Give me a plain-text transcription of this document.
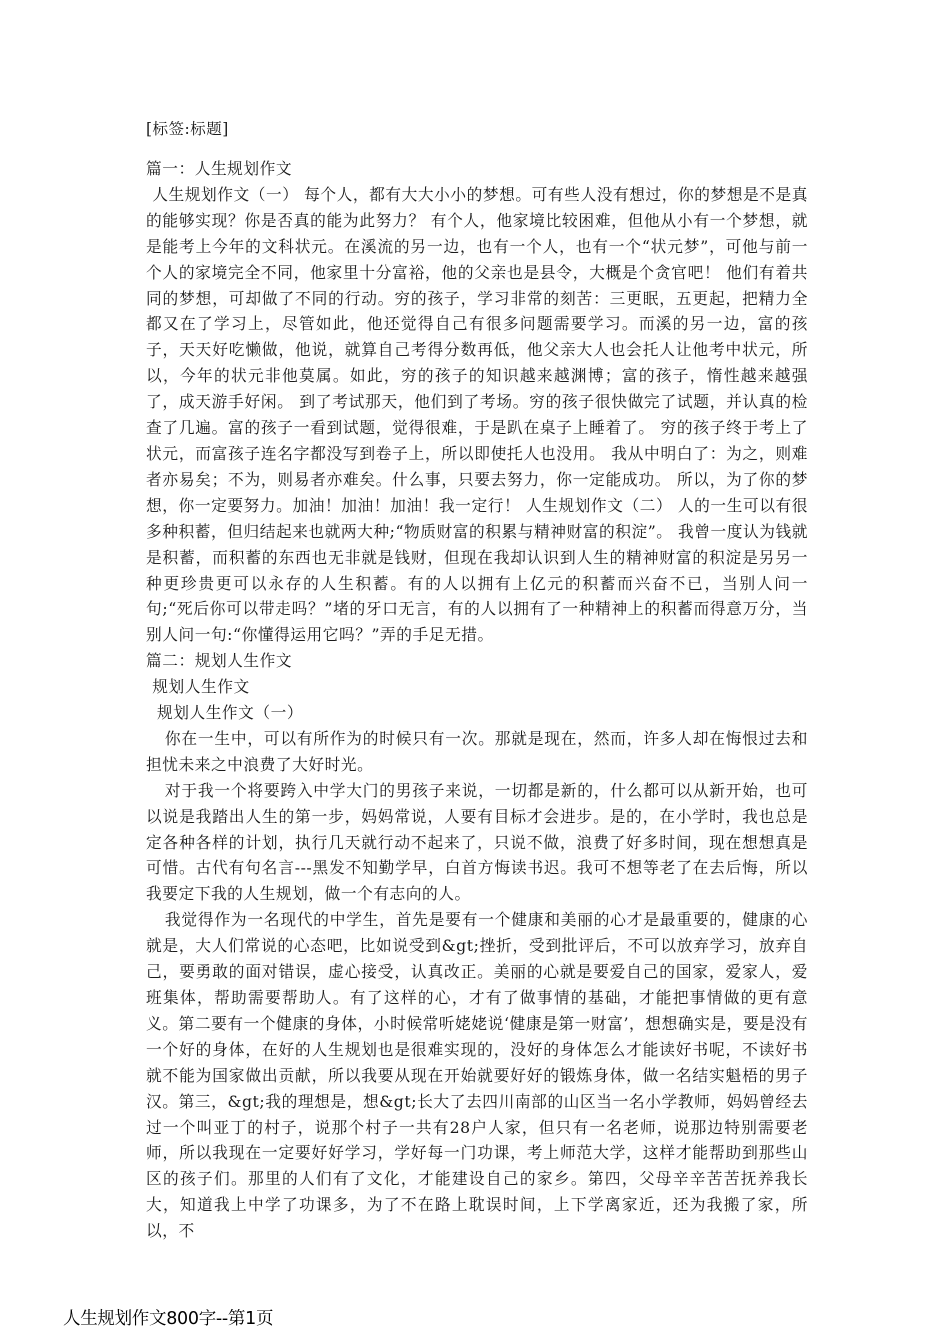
[标签:标题]

篇一：人生规划作文

人生规划作文（一） 每个人，都有大大小小的梦想。可有些人没有想过，你的梦想是不是真的能够实现？你是否真的能为此努力？ 有个人，他家境比较困难，但他从小有一个梦想，就是能考上今年的文科状元。在溪流的另一边，也有一个人，也有一个“状元梦”，可他与前一个人的家境完全不同，他家里十分富裕，他的父亲也是县令，大概是个贪官吧！ 他们有着共同的梦想，可却做了不同的行动。穷的孩子，学习非常的刻苦：三更眠，五更起，把精力全都又在了学习上，尽管如此，他还觉得自己有很多问题需要学习。而溪的另一边，富的孩子，天天好吃懒做，他说，就算自己考得分数再低，他父亲大人也会托人让他考中状元，所以，今年的状元非他莫属。如此，穷的孩子的知识越来越渊博；富的孩子，惰性越来越强了，成天游手好闲。 到了考试那天，他们到了考场。穷的孩子很快做完了试题，并认真的检查了几遍。富的孩子一看到试题，觉得很难，于是趴在桌子上睡着了。 穷的孩子终于考上了状元，而富孩子连名字都没写到卷子上，所以即使托人也没用。 我从中明白了：为之，则难者亦易矣；不为，则易者亦难矣。什么事，只要去努力，你一定能成功。 所以，为了你的梦想，你一定要努力。加油！加油！加油！我一定行！ 人生规划作文（二） 人的一生可以有很多种积蓄，但归结起来也就两大种;“物质财富的积累与精神财富的积淀”。 我曾一度认为钱就是积蓄，而积蓄的东西也无非就是钱财，但现在我却认识到人生的精神财富的积淀是另另一种更珍贵更可以永存的人生积蓄。有的人以拥有上亿元的积蓄而兴奋不已，当别人问一句;“死后你可以带走吗？”堵的牙口无言，有的人以拥有了一种精神上的积蓄而得意万分，当别人问一句:“你懂得运用它吗？”弄的手足无措。

篇二：规划人生作文

规划人生作文

规划人生作文（一）

你在一生中，可以有所作为的时候只有一次。那就是现在，然而，许多人却在悔恨过去和担忧未来之中浪费了大好时光。

对于我一个将要跨入中学大门的男孩子来说，一切都是新的，什么都可以从新开始，也可以说是我踏出人生的第一步，妈妈常说，人要有目标才会进步。是的，在小学时，我也总是定各种各样的计划，执行几天就行动不起来了，只说不做，浪费了好多时间，现在想想真是可惜。古代有句名言---黑发不知勤学早，白首方悔读书迟。我可不想等老了在去后悔，所以我要定下我的人生规划，做一个有志向的人。

我觉得作为一名现代的中学生，首先是要有一个健康和美丽的心才是最重要的，健康的心就是，大人们常说的心态吧，比如说受到&gt;挫折，受到批评后，不可以放弃学习，放弃自己，要勇敢的面对错误，虚心接受，认真改正。美丽的心就是要爱自己的国家，爱家人，爱班集体，帮助需要帮助人。有了这样的心，才有了做事情的基础，才能把事情做的更有意义。第二要有一个健康的身体，小时候常听姥姥说‘健康是第一财富’，想想确实是，要是没有一个好的身体，在好的人生规划也是很难实现的，没好的身体怎么才能读好书呢，不读好书就不能为国家做出贡献，所以我要从现在开始就要好好的锻炼身体，做一名结实魁梧的男子汉。第三，&gt;我的理想是，想&gt;长大了去四川南部的山区当一名小学教师，妈妈曾经去过一个叫亚丁的村子，说那个村子一共有28户人家，但只有一名老师，说那边特别需要老师，所以我现在一定要好好学习，学好每一门功课，考上师范大学，这样才能帮助到那些山区的孩子们。那里的人们有了文化，才能建设自己的家乡。第四，父母辛辛苦苦抚养我长大，知道我上中学了功课多，为了不在路上耽误时间，上下学离家近，还为我搬了家，所以，不

人生规划作文800字--第1页
